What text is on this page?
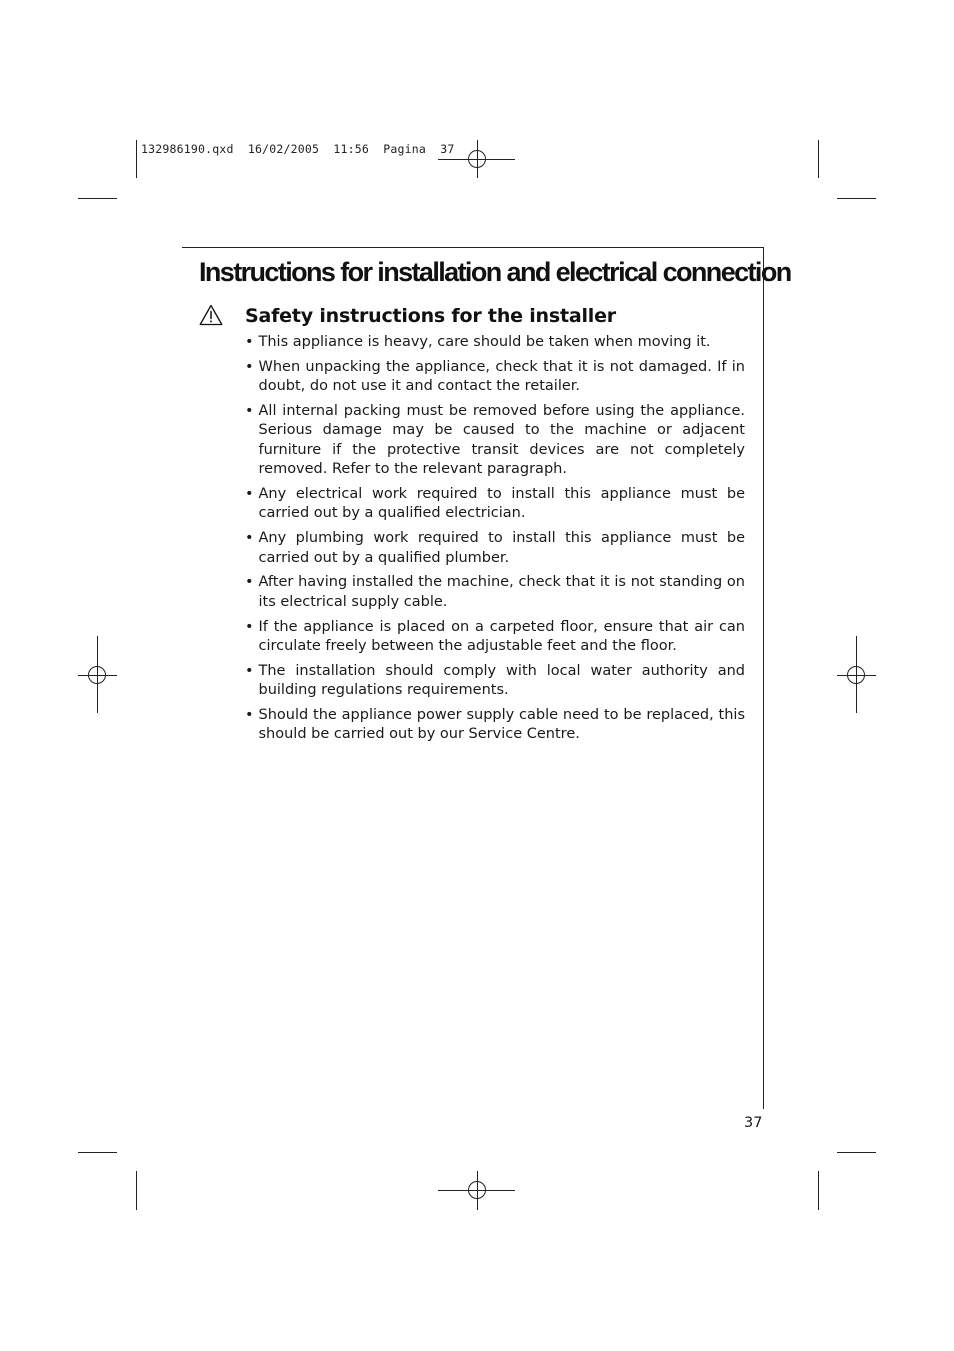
132986190.qxd  16/02/2005  11:56  Pagina  37
Instructions for installation and electrical connection
Safety instructions for the installer
• This appliance is heavy, care should be taken when moving it.
• When unpacking the appliance, check that it is not damaged. If in doubt, do not use it and contact the retailer.
• All internal packing must be removed before using the appliance. Serious damage may be caused to the machine or adjacent furniture if the protective transit devices are not completely removed. Refer to the relevant paragraph.
• Any electrical work required to install this appliance must be carried out by a qualified electrician.
• Any plumbing work required to install this appliance must be carried out by a qualified plumber.
• After having installed the machine, check that it is not standing on its electrical supply cable.
• If the appliance is placed on a carpeted floor, ensure that air can circulate freely between the adjustable feet and the floor.
• The installation should comply with local water authority and building regulations requirements.
• Should the appliance power supply cable need to be replaced, this should be carried out by our Service Centre.
37
